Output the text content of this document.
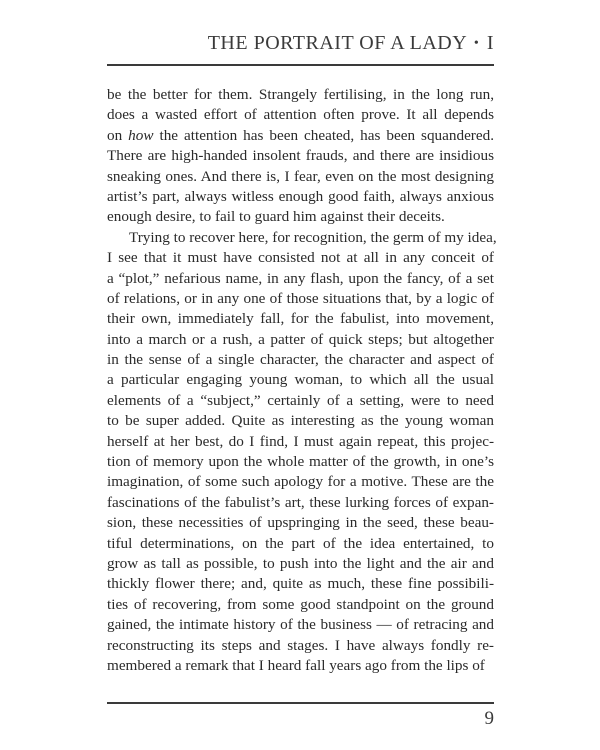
THE PORTRAIT OF A LADY • I
be the better for them. Strangely fertilising, in the long run,
does a wasted effort of attention often prove. It all depends
on how the attention has been cheated, has been squandered.
There are high-handed insolent frauds, and there are insidious
sneaking ones. And there is, I fear, even on the most designing
artist’s part, always witless enough good faith, always anxious
enough desire, to fail to guard him against their deceits.
Trying to recover here, for recognition, the germ of my idea,
I see that it must have consisted not at all in any conceit of
a “plot,” nefarious name, in any flash, upon the fancy, of a set
of relations, or in any one of those situations that, by a logic of
their own, immediately fall, for the fabulist, into movement,
into a march or a rush, a patter of quick steps; but altogether
in the sense of a single character, the character and aspect of
a particular engaging young woman, to which all the usual
elements of a “subject,” certainly of a setting, were to need
to be super added. Quite as interesting as the young woman
herself at her best, do I find, I must again repeat, this projec-
tion of memory upon the whole matter of the growth, in one’s
imagination, of some such apology for a motive. These are the
fascinations of the fabulist’s art, these lurking forces of expan-
sion, these necessities of upspringing in the seed, these beau-
tiful determinations, on the part of the idea entertained, to
grow as tall as possible, to push into the light and the air and
thickly flower there; and, quite as much, these fine possibili-
ties of recovering, from some good standpoint on the ground
gained, the intimate history of the business — of retracing and
reconstructing its steps and stages. I have always fondly re-
membered a remark that I heard fall years ago from the lips of
9
